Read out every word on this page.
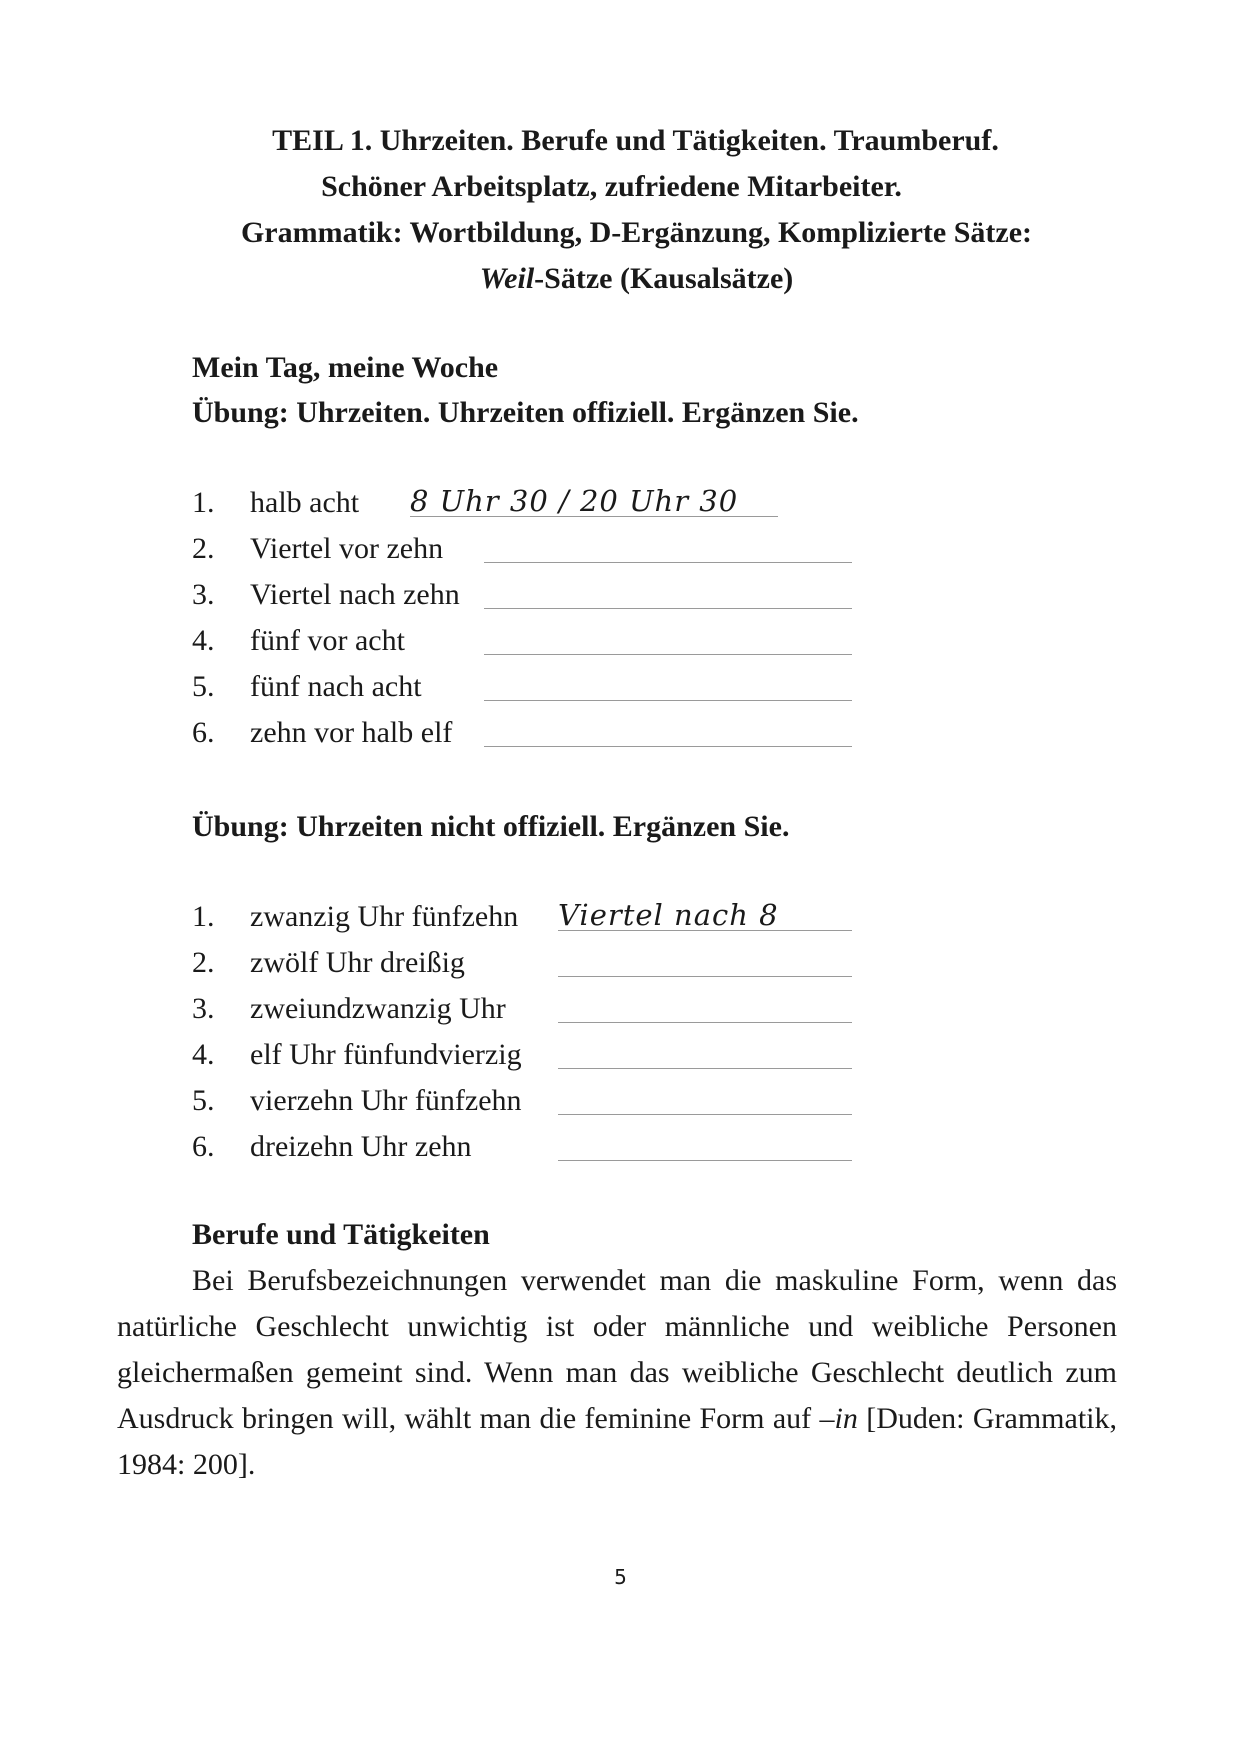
TEIL 1. Uhrzeiten. Berufe und Tätigkeiten. Traumberuf.
Schöner Arbeitsplatz, zufriedene Mitarbeiter.
Grammatik: Wortbildung, D-Ergänzung, Komplizierte Sätze:
Weil-Sätze (Kausalsätze)
Mein Tag, meine Woche
Übung: Uhrzeiten. Uhrzeiten offiziell. Ergänzen Sie.
1. halb acht 8 Uhr 30 / 20 Uhr 30
2. Viertel vor zehn
3. Viertel nach zehn
4. fünf vor acht
5. fünf nach acht
6. zehn vor halb elf
Übung: Uhrzeiten nicht offiziell. Ergänzen Sie.
1. zwanzig Uhr fünfzehn Viertel nach 8
2. zwölf Uhr dreißig
3. zweiundzwanzig Uhr
4. elf Uhr fünfundvierzig
5. vierzehn Uhr fünfzehn
6. dreizehn Uhr zehn
Berufe und Tätigkeiten

Bei Berufsbezeichnungen verwendet man die maskuline Form, wenn das natürliche Geschlecht unwichtig ist oder männliche und weibliche Personen gleichermaßen gemeint sind. Wenn man das weibliche Geschlecht deutlich zum Ausdruck bringen will, wählt man die feminine Form auf –in [Duden: Grammatik, 1984: 200].

5
